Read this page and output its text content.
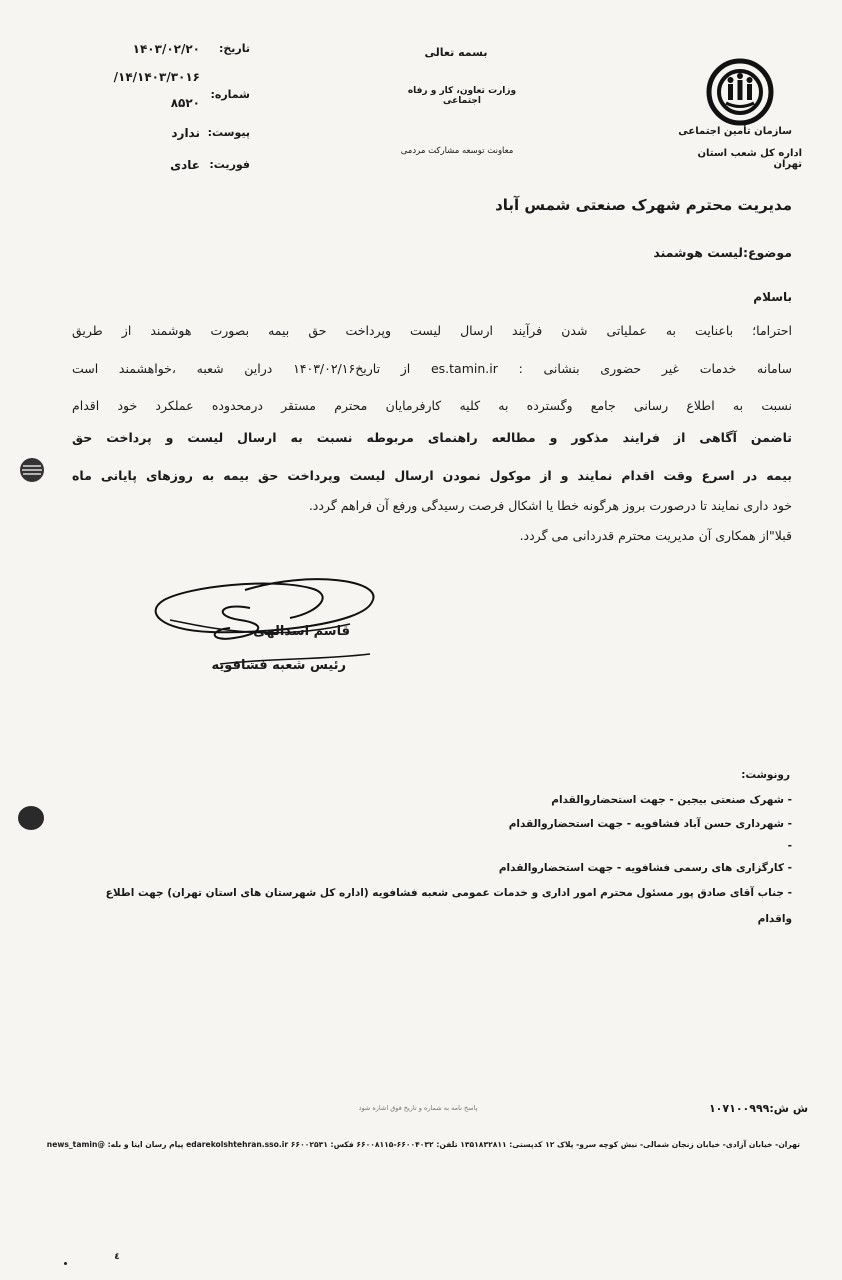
سازمان تأمین اجتماعی
اداره کل شعب استان تهران
بسمه تعالی
وزارت تعاون، کار و رفاه اجتماعی
معاونت توسعه مشارکت مردمی
تاریخ:
۱۴۰۳/۰۲/۲۰
شماره:
/۱۴/۱۴۰۳/۳۰۱۶
۸۵۲۰
پیوست:
ندارد
فوریت:
عادی
مدیریت محترم شهرک صنعتی شمس آباد
موضوع:لیست هوشمند
باسلام
احتراما؛ باعنایت به عملیاتی شدن فرآیند ارسال لیست وپرداخت حق بیمه بصورت هوشمند از طریق
سامانه خدمات غیر حضوری بنشانی : es.tamin.ir از تاریخ۱۴۰۳/۰۲/۱۶ دراین شعبه ،خواهشمند است
نسبت به اطلاع رسانی جامع وگسترده به کلیه کارفرمایان محترم مستقر درمحدوده عملکرد خود اقدام
تاضمن آگاهی از فرایند مذکور و مطالعه راهنمای مربوطه نسبت به ارسال لیست و پرداخت حق
بیمه در اسرع وقت اقدام نمایند و از موکول نمودن ارسال لیست وپرداخت حق بیمه به روزهای پایانی ماه
خود داری نمایند تا درصورت بروز هرگونه خطا یا اشکال فرصت رسیدگی ورفع آن فراهم گردد.
قبلا"از همکاری آن مدیریت محترم قدردانی می گردد.
قاسم اسدالهی
رئیس شعبه فشافویه
رونوشت:
- شهرک صنعتی بیجین - جهت استحضاروالقدام
- شهرداری حسن آباد فشافویه - جهت استحضاروالقدام
-
- کارگزاری های رسمی فشافویه - جهت استحضاروالقدام
- جناب آقای صادق پور مسئول محترم امور اداری و خدمات عمومی شعبه فشافویه (اداره کل شهرستان های استان تهران) جهت اطلاع
واقدام
ش ش:۱۰۷۱۰۰۹۹۹
پاسخ نامه به شماره و تاریخ فوق اشاره شود
تهران- خیابان آزادی- خیابان زنجان شمالی- نبش کوچه سرو- پلاک ۱۲ کدپستی: ۱۳۵۱۸۳۲۸۱۱ تلفن: ۶۶۰۰۴۰۳۲-۶۶۰۰۸۱۱۵ فکس: ۶۶۰۰۲۵۳۱ edarekolshtehran.sso.ir پیام رسان ایتا و بله: @news_tamin
٤
